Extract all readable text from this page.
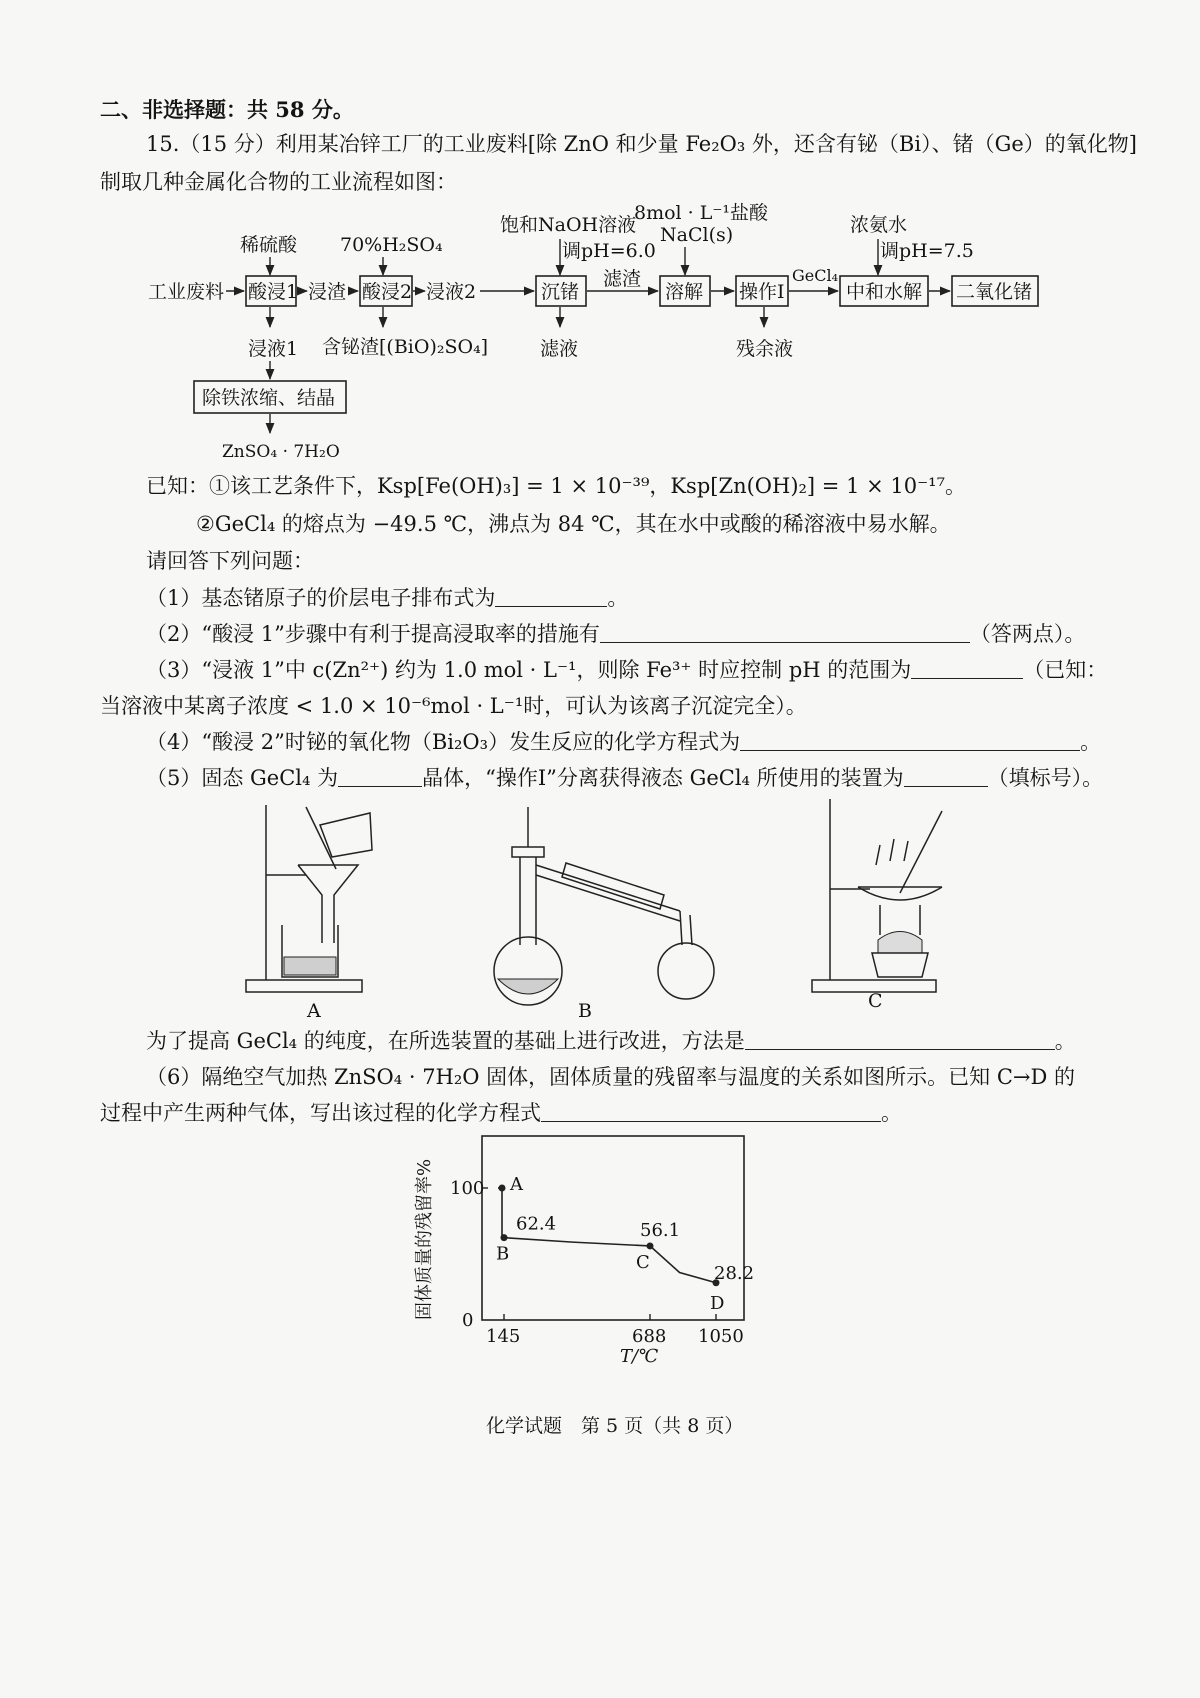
二、非选择题：共 58 分。
15.（15 分）利用某冶锌工厂的工业废料[除 ZnO 和少量 Fe₂O₃ 外，还含有铋（Bi）、锗（Ge）的氧化物]
制取几种金属化合物的工业流程如图：
稀硫酸 70%H₂SO₄
饱和NaOH溶液
调pH=6.0
8mol · L⁻¹盐酸
NaCl(s)	浓氨水
调pH=7.5
工业废料 酸浸1 浸渣 酸浸2 浸液2	沉锗
滤渣
溶解 操作Ⅰ
GeCl₄
中和水解 二氧化锗
浸液1 含铋渣[(BiO)₂SO₄]	滤液	残余液
除铁浓缩、结晶
ZnSO₄ · 7H₂O
已知：①该工艺条件下，Ksp[Fe(OH)₃] = 1 × 10⁻³⁹，Ksp[Zn(OH)₂] = 1 × 10⁻¹⁷。
②GeCl₄ 的熔点为 −49.5 ℃，沸点为 84 ℃，其在水中或酸的稀溶液中易水解。
请回答下列问题：
（1）基态锗原子的价层电子排布式为	。
（2）“酸浸 1”步骤中有利于提高浸取率的措施有	（答两点）。
（3）“浸液 1”中 c(Zn²⁺) 约为 1.0 mol · L⁻¹，则除 Fe³⁺ 时应控制 pH 的范围为	（已知：
当溶液中某离子浓度 < 1.0 × 10⁻⁶mol · L⁻¹时，可认为该离子沉淀完全）。
（4）“酸浸 2”时铋的氧化物（Bi₂O₃）发生反应的化学方程式为	。
（5）固态 GeCl₄ 为	晶体，“操作Ⅰ”分离获得液态 GeCl₄ 所使用的装置为	（填标号）。
A	B	C
为了提高 GeCl₄ 的纯度，在所选装置的基础上进行改进，方法是	。
（6）隔绝空气加热 ZnSO₄ · 7H₂O 固体，固体质量的残留率与温度的关系如图所示。已知 C→D 的
过程中产生两种气体，写出该过程的化学方程式	。
固体质量的残留率%
T/℃
100
0
145	688 1050
A
B	C
D
62.4	56.1
28.2
化学试题　第 5 页（共 8 页）
